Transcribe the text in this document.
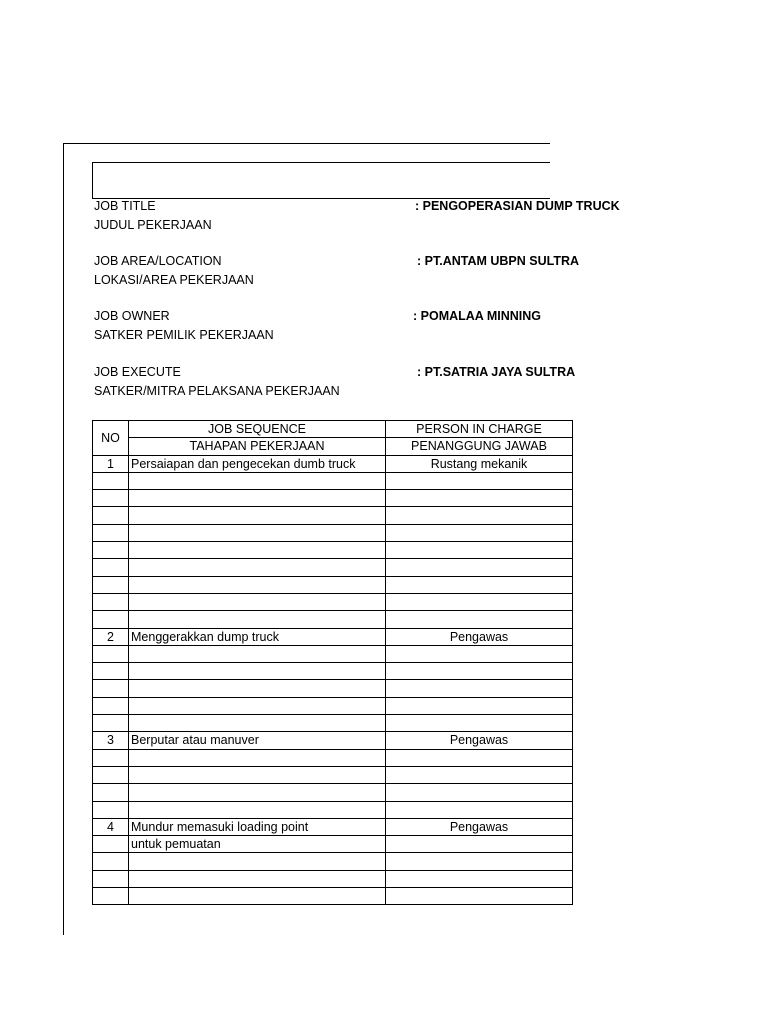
JOB TITLE
JUDUL PEKERJAAN
: PENGOPERASIAN DUMP TRUCK
JOB AREA/LOCATION
LOKASI/AREA PEKERJAAN
: PT.ANTAM UBPN SULTRA
JOB OWNER
SATKER PEMILIK PEKERJAAN
: POMALAA MINNING
JOB EXECUTE
SATKER/MITRA PELAKSANA PEKERJAAN
: PT.SATRIA JAYA SULTRA
NO	JOB SEQUENCE	PERSON IN CHARGE
	TAHAPAN PEKERJAAN	PENANGGUNG JAWAB
1	Persaiapan dan pengecekan dumb truck	Rustang mekanik

2	Menggerakkan dump truck	Pengawas

3	Berputar atau manuver	Pengawas

4	Mundur memasuki loading point	Pengawas
	untuk pemuatan	
